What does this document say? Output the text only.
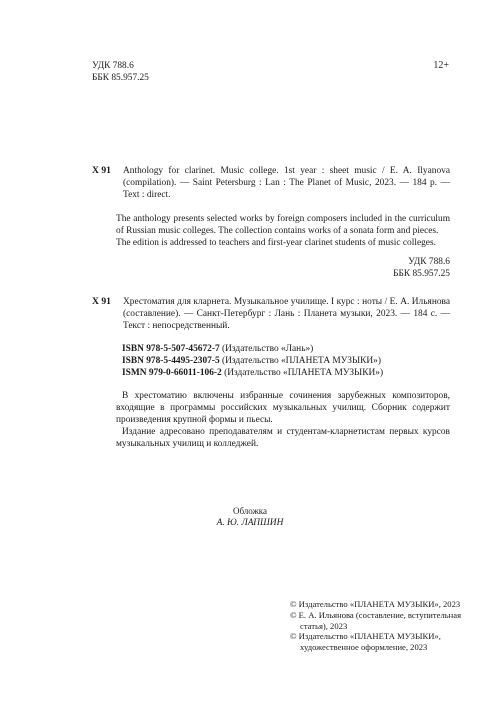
УДК 788.6
ББК 85.957.25
12+
Х 91 Anthology for clarinet. Music college. 1st year : sheet music / E. A. Ilyanova (compilation). — Saint Petersburg : Lan : The Planet of Music, 2023. — 184 p. — Text : direct.

The anthology presents selected works by foreign composers included in the curriculum of Russian music colleges. The collection contains works of a sonata form and pieces.

The edition is addressed to teachers and first-year clarinet students of music colleges.

УДК 788.6
ББК 85.957.25
Х 91 Хрестоматия для кларнета. Музыкальное училище. I курс : ноты / Е. А. Ильянова (составление). — Санкт-Петербург : Лань : Планета музыки, 2023. — 184 с. — Текст : непосредственный.
ISBN 978-5-507-45672-7 (Издательство «Лань»)
ISBN 978-5-4495-2307-5 (Издательство «ПЛАНЕТА МУЗЫКИ»)
ISMN 979-0-66011-106-2 (Издательство «ПЛАНЕТА МУЗЫКИ»)

В хрестоматию включены избранные сочинения зарубежных композиторов, входящие в программы российских музыкальных училищ. Сборник содержит произведения крупной формы и пьесы.

Издание адресовано преподавателям и студентам-кларнетистам первых курсов музыкальных училищ и колледжей.

Обложка
А. Ю. ЛАПШИН
© Издательство «ПЛАНЕТА МУЗЫКИ», 2023
© Е. А. Ильянова (составление, вступительная
статья), 2023
© Издательство «ПЛАНЕТА МУЗЫКИ»,
художественное оформление, 2023
